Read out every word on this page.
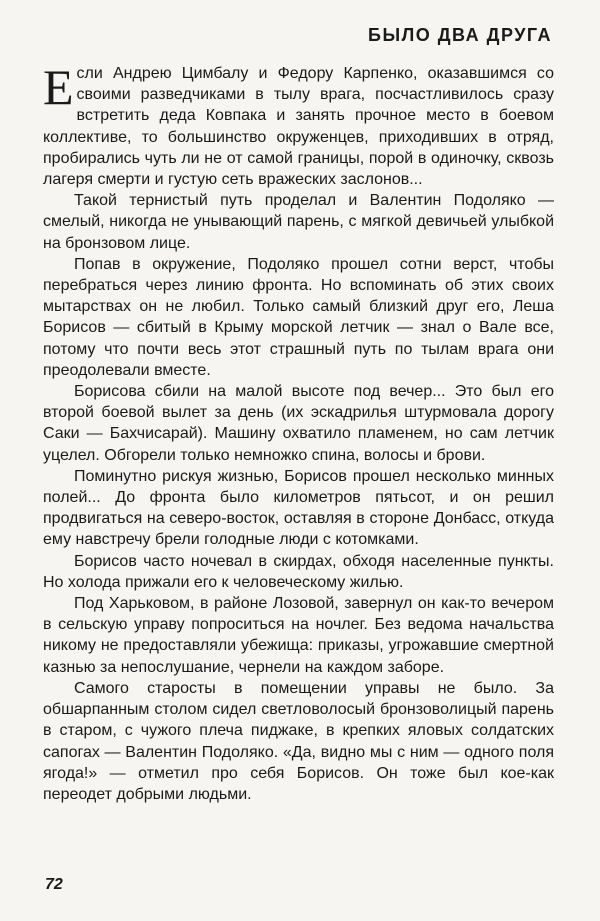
БЫЛО ДВА ДРУГА

Если Андрею Цимбалу и Федору Карпенко, оказавшимся со своими разведчиками в тылу врага, посчастливилось сразу встретить деда Ковпака и занять прочное место в боевом коллективе, то большинство окруженцев, приходивших в отряд, пробирались чуть ли не от самой границы, порой в одиночку, сквозь лагеря смерти и густую сеть вражеских заслонов...

Такой тернистый путь проделал и Валентин Подоляко — смелый, никогда не унывающий парень, с мягкой девичьей улыбкой на бронзовом лице.

Попав в окружение, Подоляко прошел сотни верст, чтобы перебраться через линию фронта. Но вспоминать об этих своих мытарствах он не любил. Только самый близкий друг его, Леша Борисов — сбитый в Крыму морской летчик — знал о Вале все, потому что почти весь этот страшный путь по тылам врага они преодолевали вместе.

Борисова сбили на малой высоте под вечер... Это был его второй боевой вылет за день (их эскадрилья штурмовала дорогу Саки — Бахчисарай). Машину охватило пламенем, но сам летчик уцелел. Обгорели только немножко спина, волосы и брови.

Поминутно рискуя жизнью, Борисов прошел несколько минных полей... До фронта было километров пятьсот, и он решил продвигаться на северо-восток, оставляя в стороне Донбасс, откуда ему навстречу брели голодные люди с котомками.

Борисов часто ночевал в скирдах, обходя населенные пункты. Но холода прижали его к человеческому жилью.

Под Харьковом, в районе Лозовой, завернул он как-то вечером в сельскую управу попроситься на ночлег. Без ведома начальства никому не предоставляли убежища: приказы, угрожавшие смертной казнью за непослушание, чернели на каждом заборе.

Самого старосты в помещении управы не было. За обшарпанным столом сидел светловолосый бронзоволицый парень в старом, с чужого плеча пиджаке, в крепких яловых солдатских сапогах — Валентин Подоляко. «Да, видно мы с ним — одного поля ягода!» — отметил про себя Борисов. Он тоже был кое-как переодет добрыми людьми.

72
